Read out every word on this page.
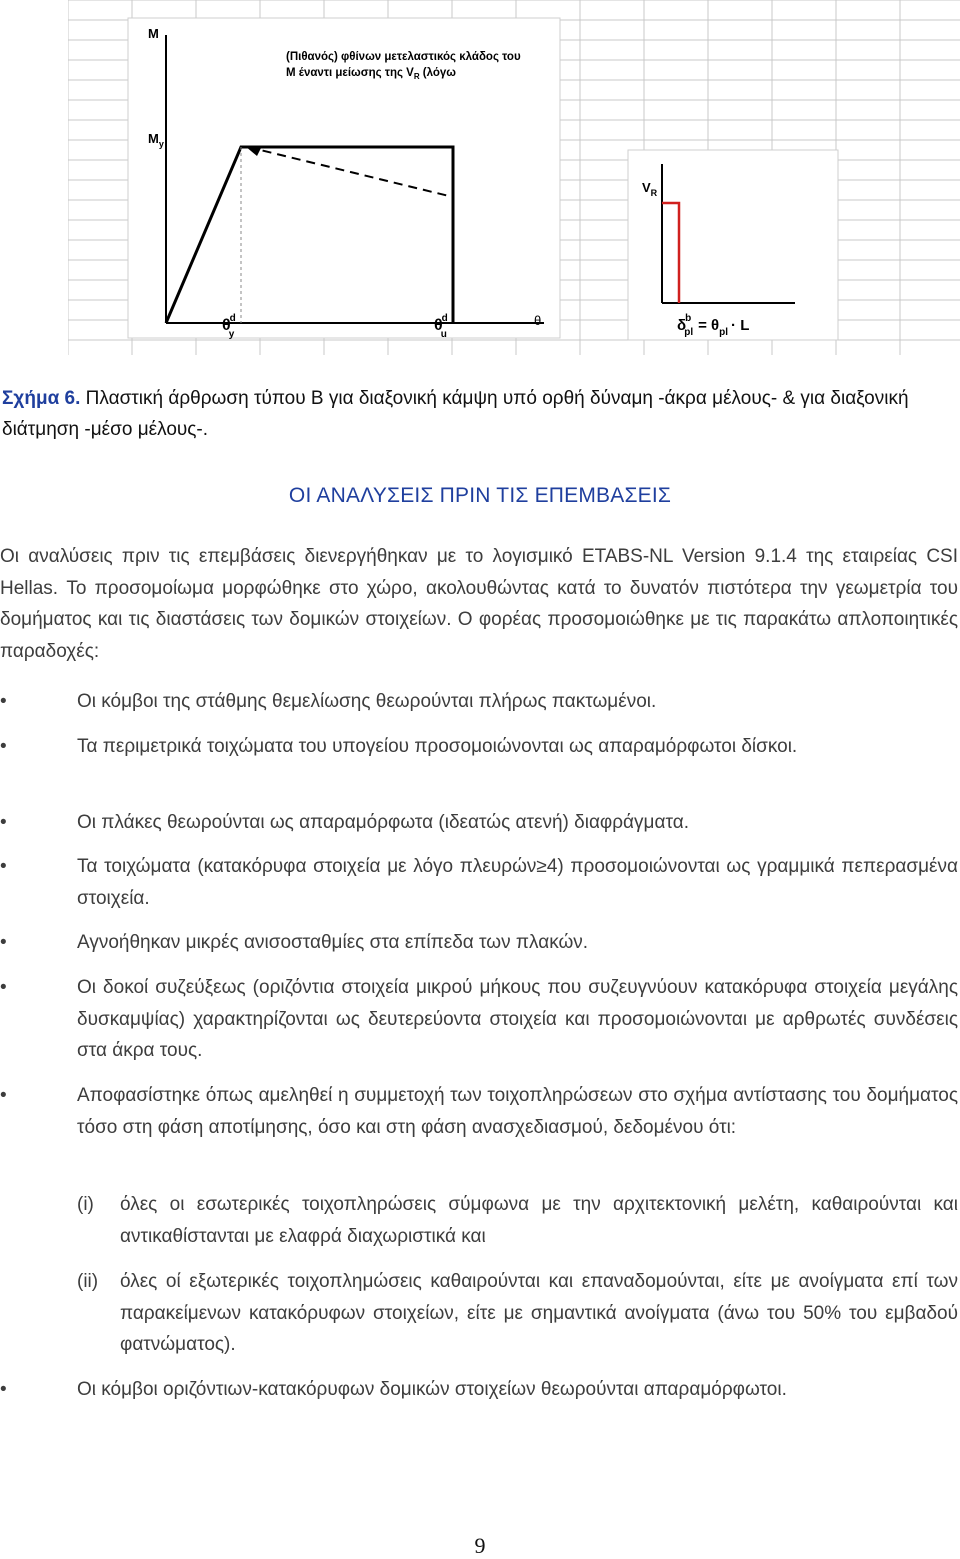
M
$M_y$
(Πιθανός) φθίνων μετελαστικός κλάδος του
Μ έναντι μείωσης της $V_R$ (λόγω
θd y
θd u
θ
$V_R$
δb pl = $\theta_{pl} \cdot L$
Σχήμα 6. Πλαστική άρθρωση τύπου Β για διαξονική κάμψη υπό ορθή δύναμη -άκρα μέλους- & για διαξονική διάτμηση -μέσο μέλους-.
ΟΙ ΑΝΑΛΥΣΕΙΣ ΠΡΙΝ ΤΙΣ ΕΠΕΜΒΑΣΕΙΣ
Οι αναλύσεις πριν τις επεμβάσεις διενεργήθηκαν με το λογισμικό ETABS-NL Version 9.1.4 της εταιρείας CSI Hellas. Το προσομοίωμα μορφώθηκε στο χώρο, ακολουθώντας κατά το δυνατόν πιστότερα την γεωμετρία του δομήματος και τις διαστάσεις των δομικών στοιχείων. Ο φορέας προσομοιώθηκε με τις παρακάτω απλοποιητικές παραδοχές:
•	Οι κόμβοι της στάθμης θεμελίωσης θεωρούνται πλήρως πακτωμένοι.
•	Τα περιμετρικά τοιχώματα του υπογείου προσομοιώνονται ως απαραμόρφωτοι δίσκοι.
•	Οι πλάκες θεωρούνται ως απαραμόρφωτα (ιδεατώς ατενή) διαφράγματα.
•	Τα τοιχώματα (κατακόρυφα στοιχεία με λόγο πλευρών≥4) προσομοιώνονται ως γραμμικά πεπερασμένα στοιχεία.
•	Αγνοήθηκαν μικρές ανισοσταθμίες στα επίπεδα των πλακών.
•	Οι δοκοί συζεύξεως (οριζόντια στοιχεία μικρού μήκους που συζευγνύουν κατακόρυφα στοιχεία μεγάλης δυσκαμψίας) χαρακτηρίζονται ως δευτερεύοντα στοιχεία και προσομοιώνονται με αρθρωτές συνδέσεις στα άκρα τους.
•	Αποφασίστηκε όπως αμεληθεί η συμμετοχή των τοιχοπληρώσεων στο σχήμα αντίστασης του δομήματος τόσο στη φάση αποτίμησης, όσο και στη φάση ανασχεδιασμού, δεδομένου ότι:
(i) όλες οι εσωτερικές τοιχοπληρώσεις σύμφωνα με την αρχιτεκτονική μελέτη, καθαιρούνται και αντικαθίστανται με ελαφρά διαχωριστικά και
(ii) όλες οί εξωτερικές τοιχοπλημώσεις καθαιρούνται και επαναδομούνται, είτε με ανοίγματα επί των παρακείμενων κατακόρυφων στοιχείων, είτε με σημαντικά ανοίγματα (άνω του 50% του εμβαδού φατνώματος).
•	Οι κόμβοι οριζόντιων-κατακόρυφων δομικών στοιχείων θεωρούνται απαραμόρφωτοι.
9
